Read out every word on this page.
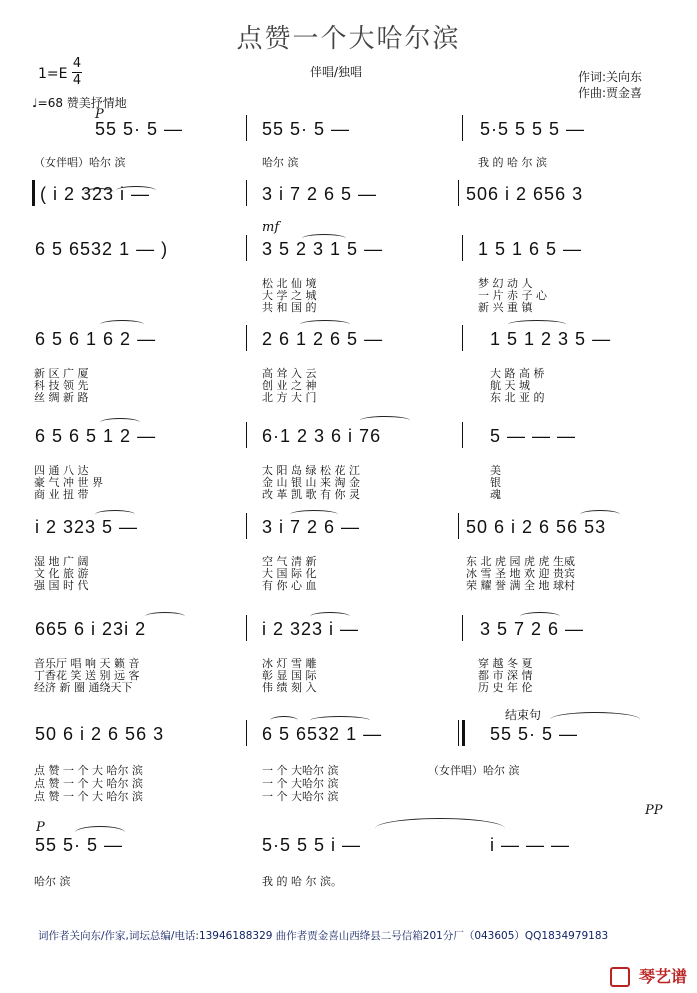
点赞一个大哈尔滨
1=E
4
4
♩=68 赞美抒情地
伴唱/独唱	作词:关向东
作曲:贾金喜
P
mf
P
PP
结束句
55 5· 5 —	55 5· 5 —	5·5 5 5 5 —
（女伴唱）哈尔 滨	哈尔 滨	我 的 哈 尔 滨
( i 2 323 i —	3 i 7 2 6 5 —	506 i 2 656 3
6 5 6532 1 — )	3 5 2 3 1 5 —	1 5 1 6 5 —
松 北 仙 境
大 学 之 城
共 和 国 的
梦 幻 动 人
一 片 赤 子 心
新 兴 重 镇
6 5 6 1 6 2 —	2 6 1 2 6 5 —	1 5 1 2 3 5 —
新 区 广 厦
科 技 领 先
丝 绸 新 路
高 耸 入 云
创 业 之 神
北 方 大 门
大 路 高 桥
航 天 城
东 北 亚 的
6 5 6 5 1 2 —	6·1 2 3 6 i 76	5 — — —
四 通 八 达
豪 气 冲 世 界
商 业 扭 带
太 阳 岛 绿 松 花 江
金 山 银 山 来 淘 金
改 革 凯 歌 有 你 灵
美
银
魂
i 2 323 5 —	3 i 7 2 6 —	50 6 i 2 6 56 53
湿 地 广 阔
文 化 旅 游
强 国 时 代
空 气 清 新
大 国 际 化
有 你 心 血
东 北 虎 园 虎 虎 生威
冰 雪 圣 地 欢 迎 贵宾
荣 耀 誉 满 全 地 球村
665 6 i 23i 2	i 2 323 i —	3 5 7 2 6 —
音乐厅 唱 响 天 籁 音
丁香花 笑 送 别 远 客
经济 新 圈 通绕天下
冰 灯 雪 雕
彰 显 国 际
伟 绩 刻 入
穿 越 冬 夏
都 市 深 情
历 史 年 伦
50 6 i 2 6 56 3	6 5 6532 1 —	55 5· 5 —
点 赞 一 个 大 哈尔 滨
点 赞 一 个 大 哈尔 滨
点 赞 一 个 大 哈尔 滨
一 个 大哈尔 滨
一 个 大哈尔 滨
一 个 大哈尔 滨
（女伴唱）哈尔 滨
55 5· 5 —	5·5 5 5 i —	i — — —
哈尔 滨	我 的 哈 尔 滨。
词作者关向东/作家,词坛总编/电话:13946188329 曲作者贾金喜山西绛县二号信箱201分厂（043605）QQ1834979183
琴艺谱
